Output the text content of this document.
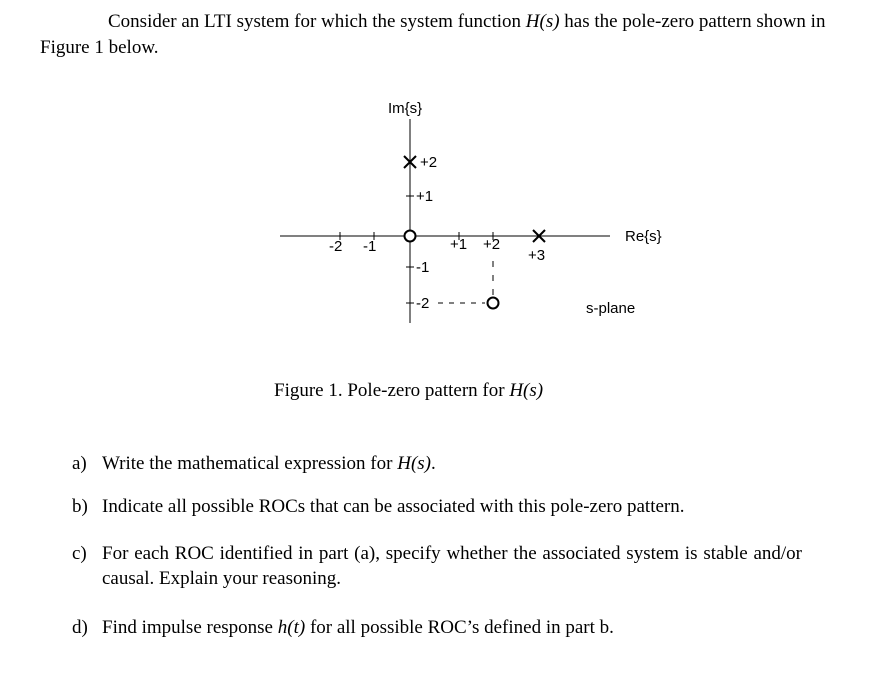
Consider an LTI system for which the system function H(s) has the pole-zero pattern shown in Figure 1 below.
Im{s}
+2
+1
-1
-2
-2 -1	+1 +2
+3
Re{s}
s-plane
Figure 1. Pole-zero pattern for H(s)
a) Write the mathematical expression for H(s).
b) Indicate all possible ROCs that can be associated with this pole-zero pattern.
c) For each ROC identified in part (a), specify whether the associated system is stable and/or causal. Explain your reasoning.
d) Find impulse response h(t) for all possible ROC’s defined in part b.
